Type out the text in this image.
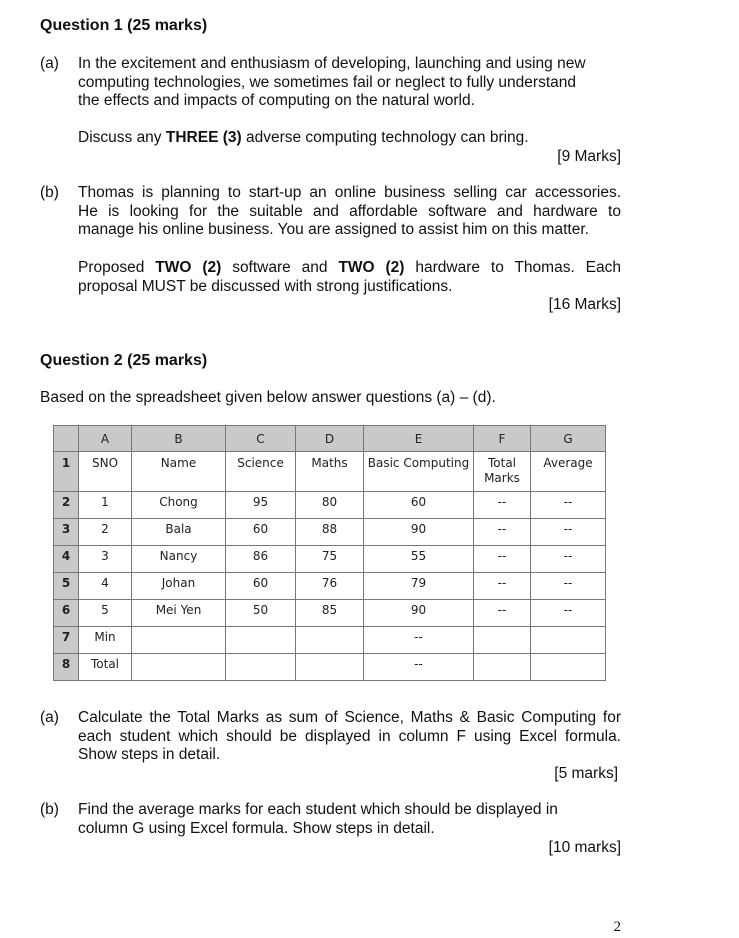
Question 1 (25 marks)
(a) In the excitement and enthusiasm of developing, launching and using new
computing technologies, we sometimes fail or neglect to fully understand
the effects and impacts of computing on the natural world.
Discuss any THREE (3) adverse computing technology can bring.
[9 Marks]
(b) Thomas is planning to start-up an online business selling car accessories.
He is looking for the suitable and affordable software and hardware to
manage his online business. You are assigned to assist him on this matter.
Proposed TWO (2) software and TWO (2) hardware to Thomas. Each
proposal MUST be discussed with strong justifications.
[16 Marks]
Question 2 (25 marks)
Based on the spreadsheet given below answer questions (a) – (d).
	A	B	C	D	E	F	G
1	SNO	Name	Science	Maths	Basic Computing	Total Marks	Average
2	1	Chong	95	80	60	--	--
3	2	Bala	60	88	90	--	--
4	3	Nancy	86	75	55	--	--
5	4	Johan	60	76	79	--	--
6	5	Mei Yen	50	85	90	--	--
7	Min				--		
8	Total				--		
(a) Calculate the Total Marks as sum of Science, Maths & Basic Computing for
each student which should be displayed in column F using Excel formula.
Show steps in detail.
[5 marks]
(b) Find the average marks for each student which should be displayed in
column G using Excel formula. Show steps in detail.
[10 marks]
2
